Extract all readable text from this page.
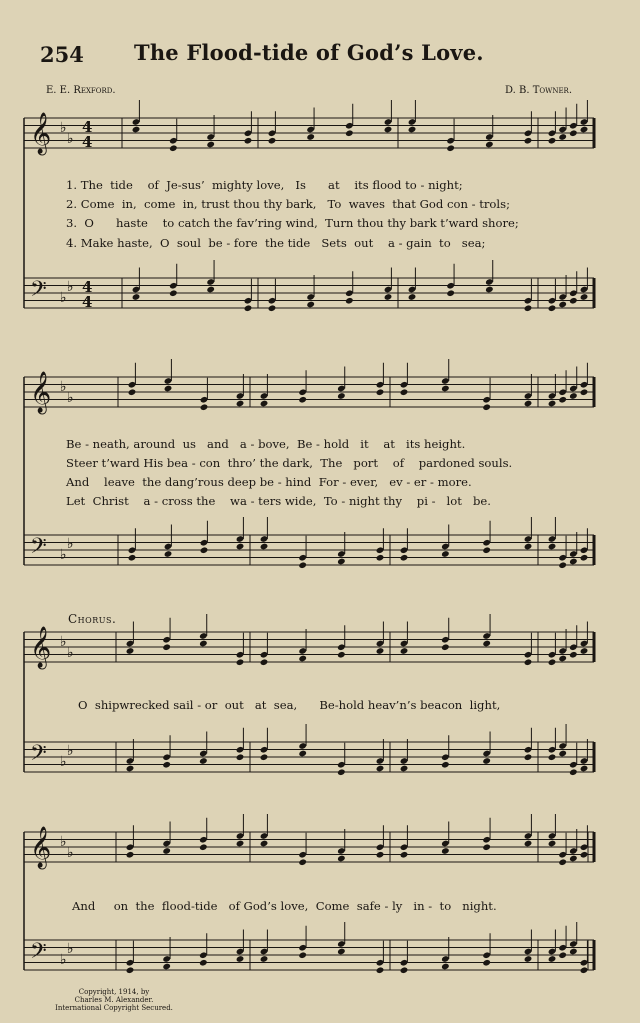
254 The Flood-tide of God’s Love.
E. E. Rexford.	D. B. Towner.
𝄞 ♭
♭
4
4
𝄢 ♭
♭ 4
4
𝄞 ♭
♭
𝄢 ♭
♭
𝄞 ♭
♭
𝄢 ♭
♭
𝄞 ♭
♭
𝄢 ♭
♭
1. The  tide    of  Je-sus’  mighty love,   Is      at    its flood to - night;
2. Come  in,  come  in, trust thou thy bark,   To  waves  that God con - trols;
3.  O      haste    to catch the fav’ring wind,  Turn thou thy bark t’ward shore;
4. Make haste,  O  soul  be - fore  the tide   Sets  out    a - gain  to   sea;
Be - neath, around  us   and   a - bove,  Be - hold   it    at   its height.
Steer t’ward His bea - con  thro’ the dark,  The   port    of    pardoned souls.
And    leave  the dang’rous deep be - hind  For - ever,   ev - er - more.
Let  Christ    a - cross the    wa - ters wide,  To - night thy    pi -   lot   be.
Chorus.
O  shipwrecked sail - or  out   at  sea,      Be-hold heav’n’s beacon  light,
And     on  the  flood-tide   of God’s love,  Come  safe - ly   in -  to   night.
Copyright, 1914, by
Charles M. Alexander.
International Copyright Secured.
